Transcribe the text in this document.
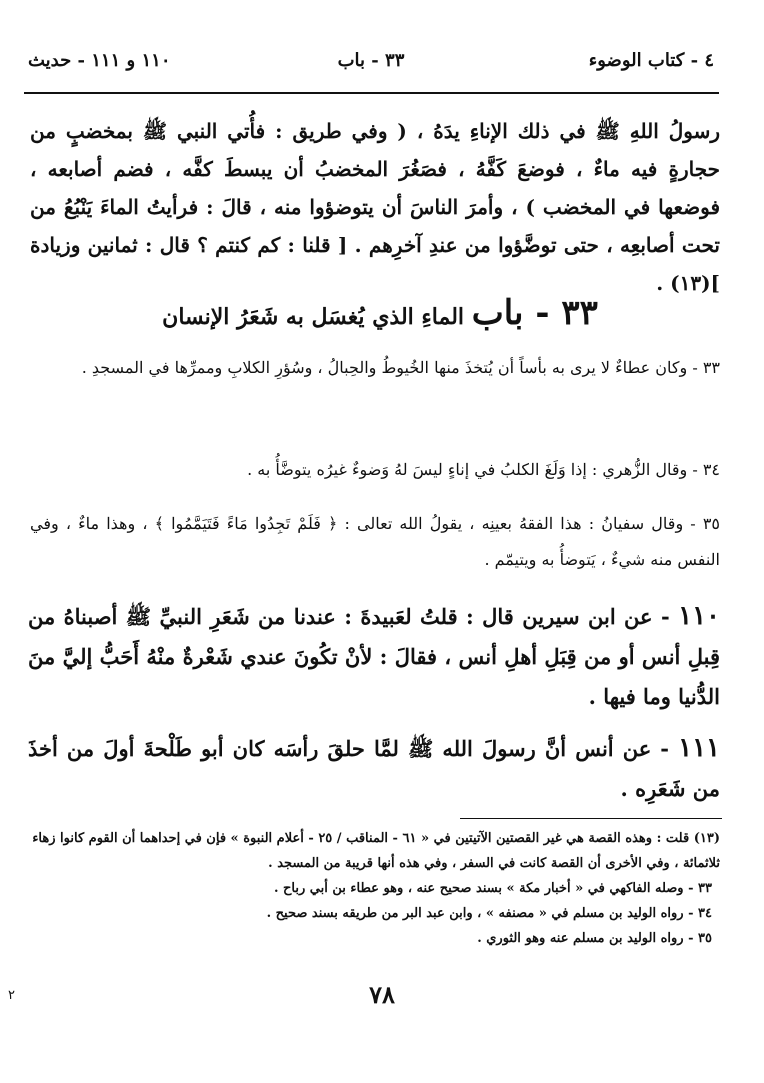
٤ - كتاب الوضوء
٣٣ - باب
١١٠ و ١١١ - حديث
رسولُ اللهِ ﷺ في ذلك الإناءِ يدَهُ ، ( وفي طريق : فأُتي النبي ﷺ بمخضبٍ من حجارةٍ فيه ماءٌ ، فوضعَ كَفَّهُ ، فصَغُرَ المخضبُ أن يبسطَ كفَّه ، فضم أصابعه ، فوضعها في المخضب ) ، وأمرَ الناسَ أن يتوضؤوا منه ، قالَ : فرأيتُ الماءَ يَنْبُعُ من تحت أصابعِه ، حتى توضَّؤوا من عندِ آخرِهم . [ قلنا : كم كنتم ؟ قال : ثمانين وزيادة ](١٣) .
٣٣ - باب الماءِ الذي يُغسَل به شَعَرُ الإنسان
٣٣ - وكان عطاءٌ لا يرى به بأساً أن يُتخذَ منها الخُيوطُ والحِبالُ ، وسُؤرِ الكلابِ وممرِّها في المسجدِ .
٣٤ - وقال الزُّهري : إذا وَلَغَ الكلبُ في إناءٍ ليسَ لهُ وَضوءٌ غيرُه يتوضَّأُ به .
٣٥ - وقال سفيانُ : هذا الفقهُ بعينِه ، يقولُ الله تعالى : ﴿ فَلَمْ تَجِدُوا مَاءً فَتَيَمَّمُوا ﴾ ، وهذا ماءٌ ، وفي النفس منه شيءٌ ، يَتوضأُ به ويتيمّم .
١١٠ - عن ابن سيرين قال : قلتُ لعَبيدةَ : عندنا من شَعَرِ النبيِّ ﷺ أصبناهُ من قِبلِ أنس أو من قِبَلِ أهلِ أنس ، فقالَ : لأنْ تكُونَ عندي شَعْرةٌ منْهُ أَحَبُّ إليَّ منَ الدُّنيا وما فيها .
١١١ - عن أنس أنَّ رسولَ الله ﷺ لمَّا حلقَ رأسَه كان أبو طَلْحةَ أولَ من أخذَ من شَعَرِه .
(١٣) قلت : وهذه القصة هي غير القصتين الآتيتين في « ٦١ - المناقب / ٢٥ - أعلام النبوة » فإن في إحداهما أن القوم كانوا زهاء ثلاثمائة ، وفي الأخرى أن القصة كانت في السفر ، وفي هذه أنها قريبة من المسجد .
٣٣ - وصله الفاكهي في « أخبار مكة » بسند صحيح عنه ، وهو عطاء بن أبي رباح .
٣٤ - رواه الوليد بن مسلم في « مصنفه » ، وابن عبد البر من طريقه بسند صحيح .
٣٥ - رواه الوليد بن مسلم عنه وهو الثوري .
٧٨
٢
